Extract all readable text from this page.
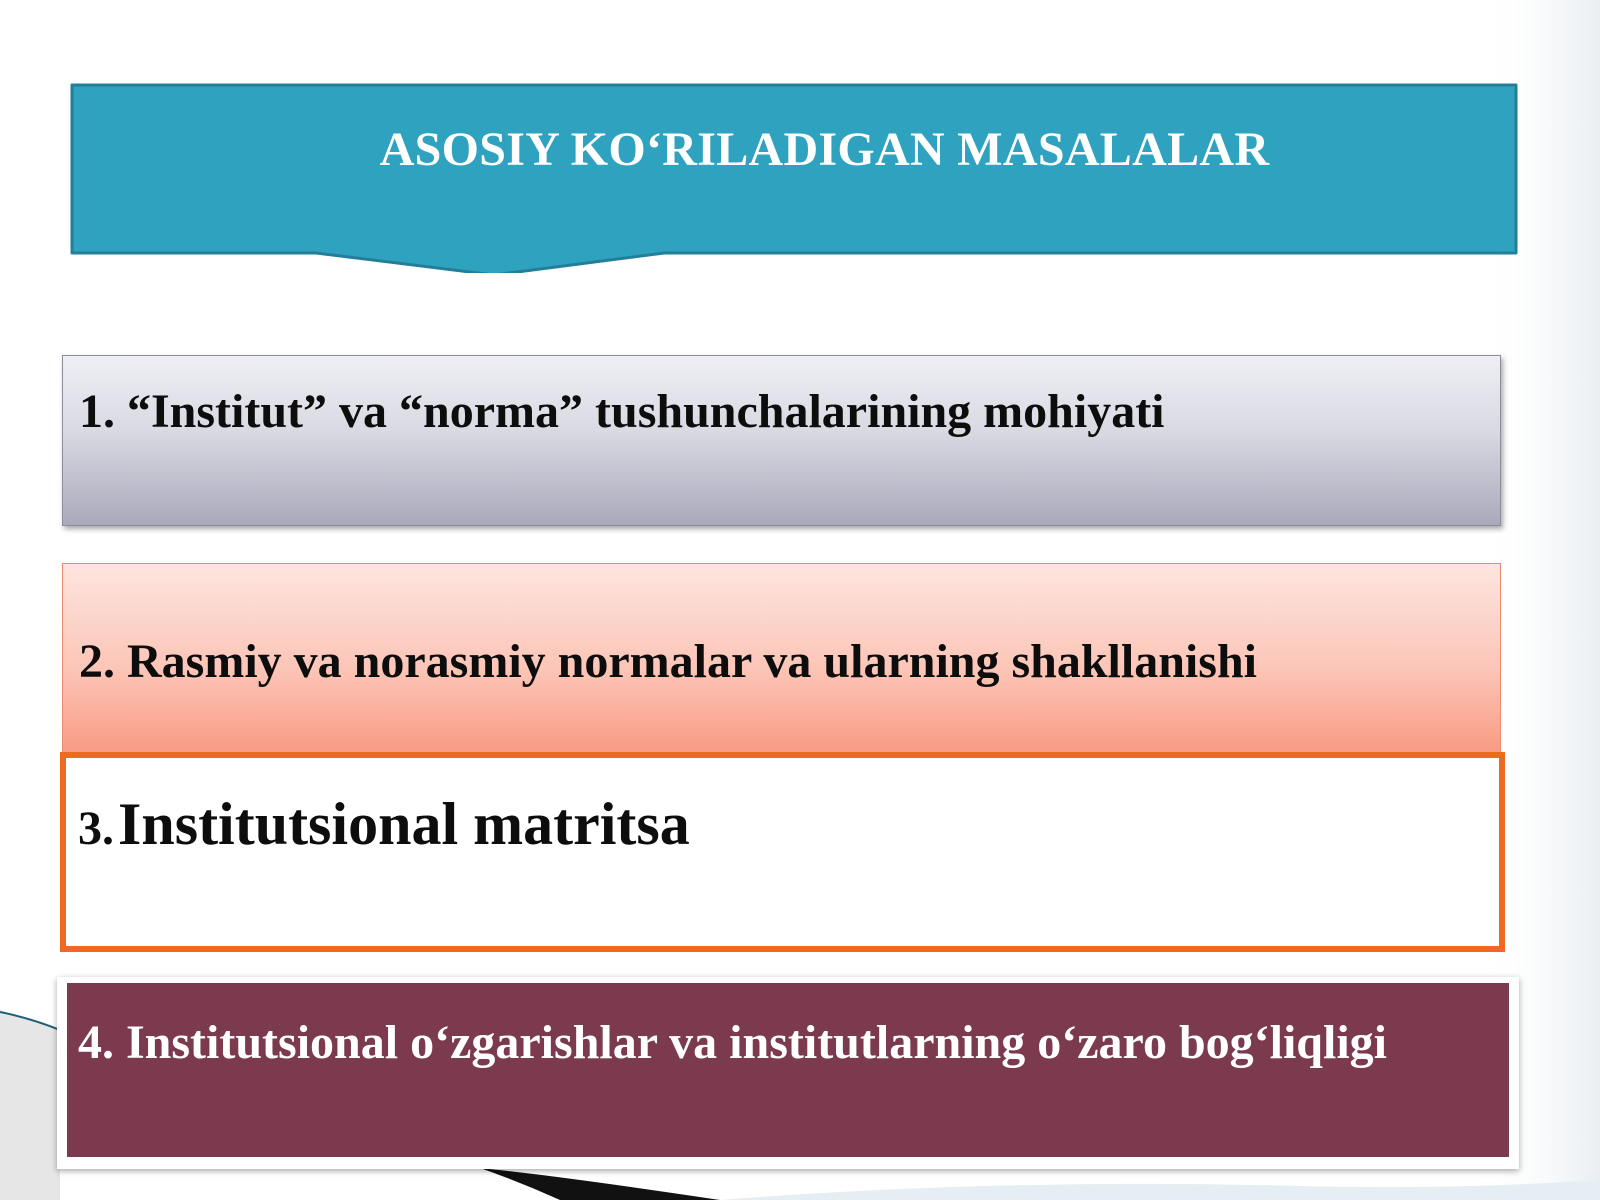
ASOSIY KO‘RILADIGAN MASALALAR
1. “Institut” va “norma” tushunchalarining mohiyati
2. Rasmiy va norasmiy normalar va ularning shakllanishi
3. Institutsional matritsa
4. Institutsional o‘zgarishlar va institutlarning o‘zaro bog‘liqligi
